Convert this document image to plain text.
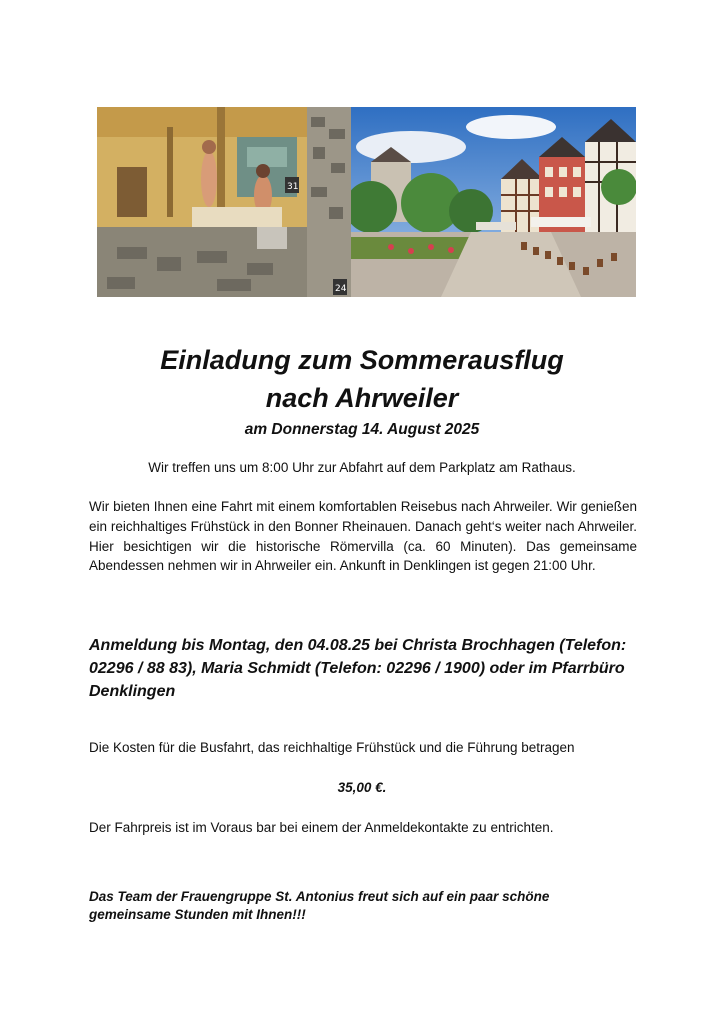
31
24
Einladung zum Sommerausflug
nach Ahrweiler
am Donnerstag 14. August 2025

Wir treffen uns um 8:00 Uhr zur Abfahrt auf dem Parkplatz am Rathaus.

Wir bieten Ihnen eine Fahrt mit einem komfortablen Reisebus nach Ahrweiler. Wir genießen ein reichhaltiges Frühstück in den Bonner Rheinauen. Danach geht‘s weiter nach Ahrweiler. Hier besichtigen wir die historische Römervilla (ca. 60 Minuten). Das gemeinsame Abendessen nehmen wir in Ahrweiler ein. Ankunft in Denklingen ist gegen 21:00 Uhr.

Anmeldung bis Montag, den 04.08.25 bei Christa Brochhagen (Telefon: 02296 / 88 83), Maria Schmidt (Telefon: 02296 / 1900) oder im Pfarrbüro Denklingen

Die Kosten für die Busfahrt, das reichhaltige Frühstück und die Führung betragen

35,00 €.

Der Fahrpreis ist im Voraus bar bei einem der Anmeldekontakte zu entrichten.

Das Team der Frauengruppe St. Antonius freut sich auf ein paar schöne gemeinsame Stunden mit Ihnen!!!
